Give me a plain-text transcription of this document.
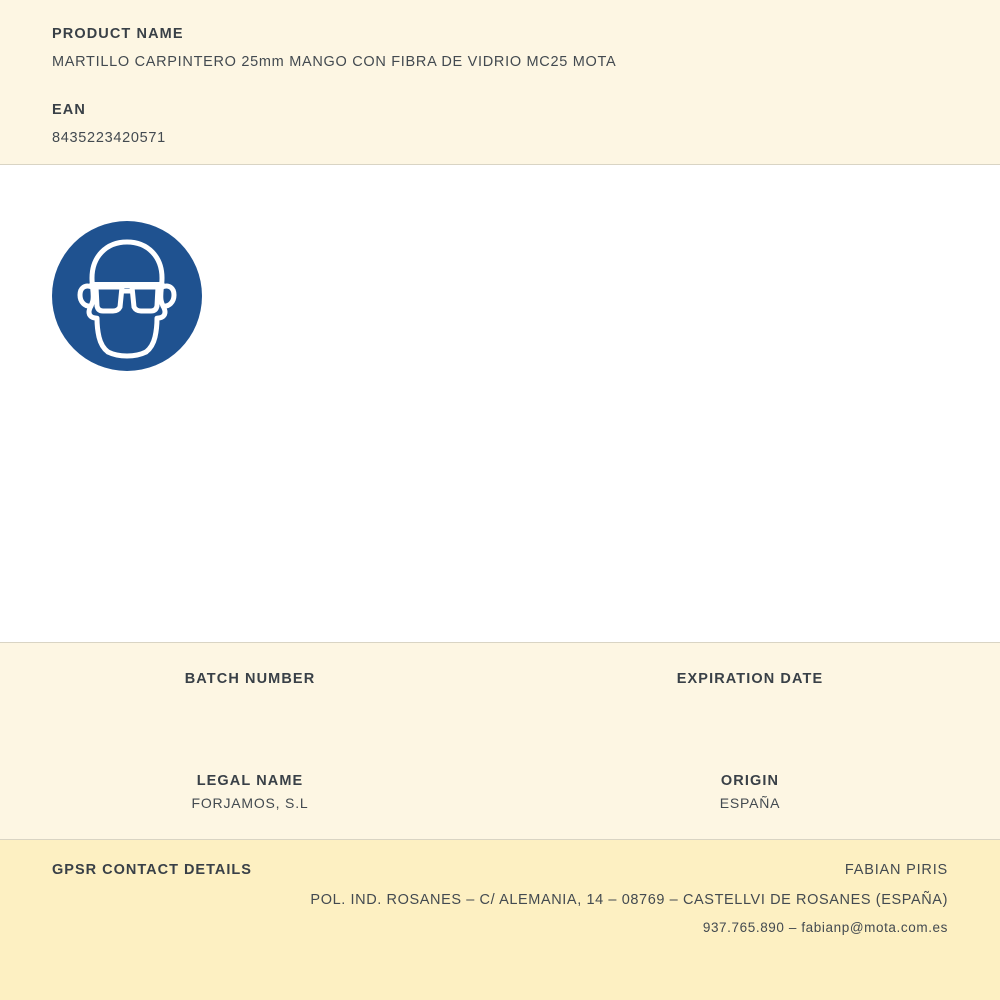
PRODUCT NAME

MARTILLO CARPINTERO 25mm MANGO CON FIBRA DE VIDRIO MC25 MOTA

EAN

8435223420571

BATCH NUMBER	EXPIRATION DATE

LEGAL NAME

FORJAMOS, S.L

ORIGIN

ESPAÑA

GPSR CONTACT DETAILS	FABIAN PIRIS
POL. IND. ROSANES – C/ ALEMANIA, 14 – 08769 – CASTELLVI DE ROSANES (ESPAÑA)
937.765.890 – fabianp@mota.com.es
